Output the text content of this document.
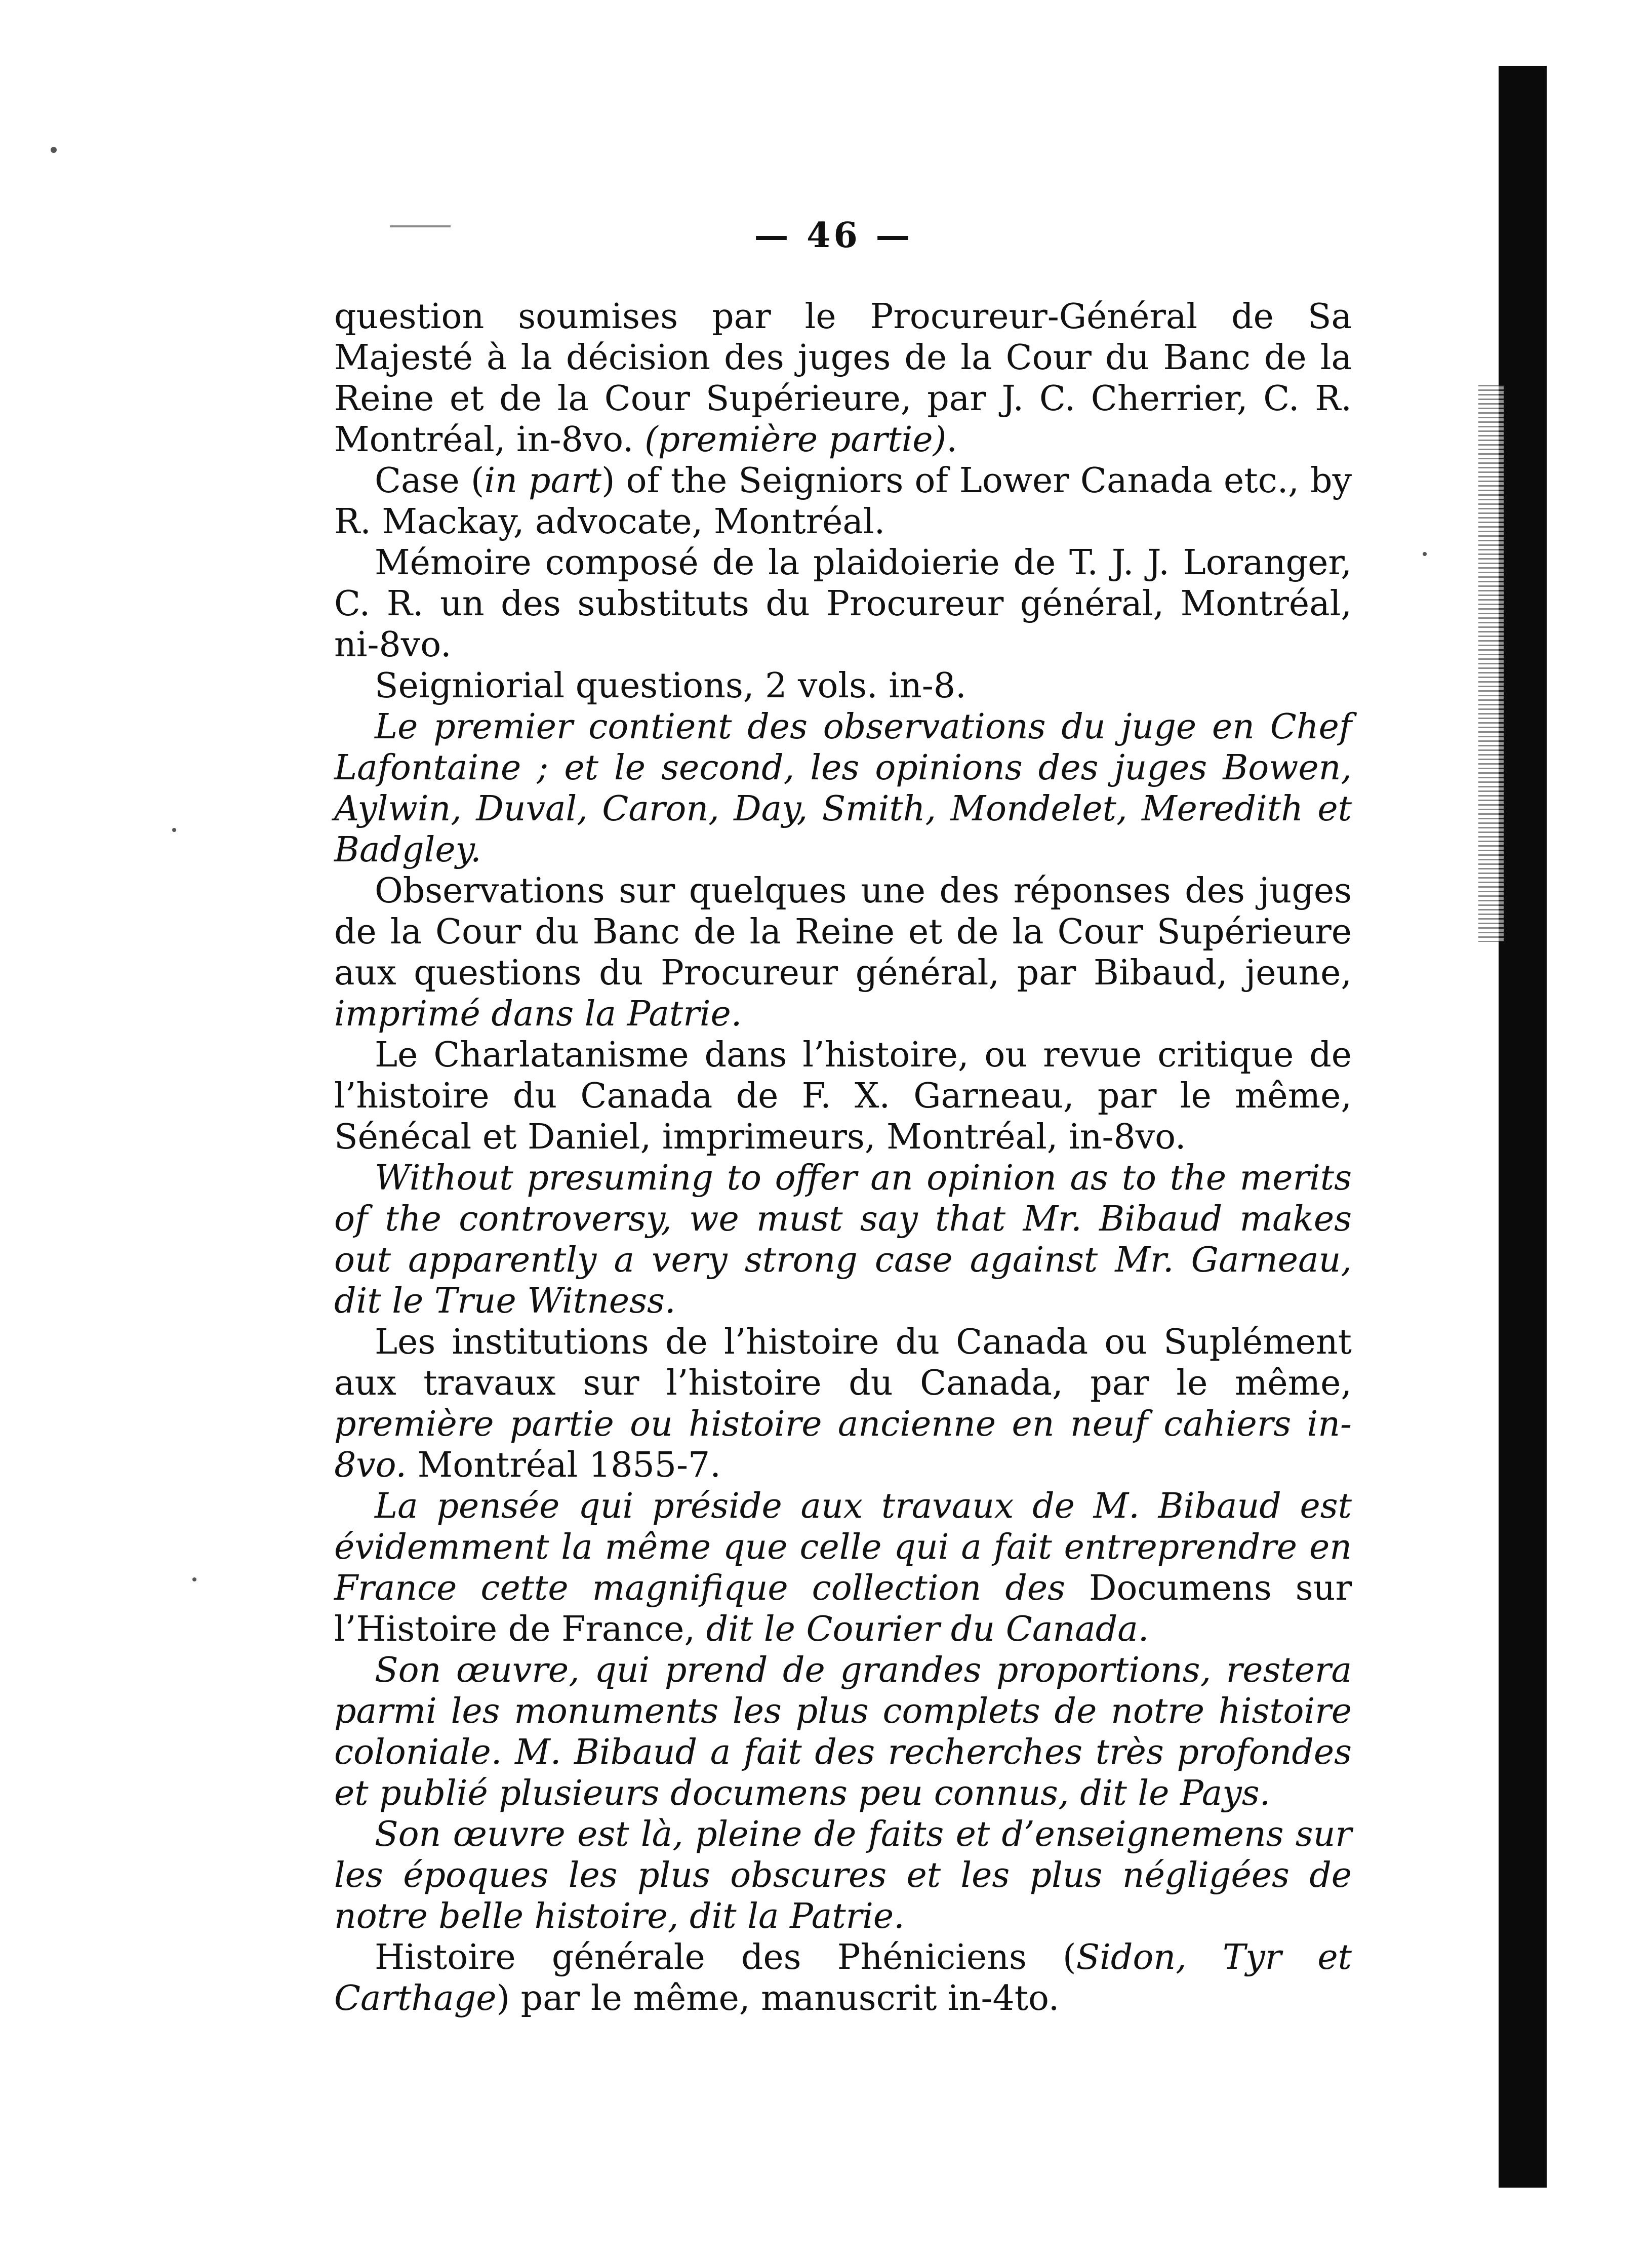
— 46 —

question soumises par le Procureur-Général de Sa Majesté à la décision des juges de la Cour du Banc de la Reine et de la Cour Supérieure, par J. C. Cherrier, C. R. Montréal, in-8vo. (première partie).

Case (in part) of the Seigniors of Lower Canada etc., by R. Mackay, advocate, Montréal.

Mémoire composé de la plaidoierie de T. J. J. Loranger, C. R. un des substituts du Procureur général, Montréal, ni-8vo.

Seigniorial questions, 2 vols. in-8.

Le premier contient des observations du juge en Chef Lafontaine ; et le second, les opinions des juges Bowen, Aylwin, Duval, Caron, Day, Smith, Mondelet, Meredith et Badgley.

Observations sur quelques une des réponses des juges de la Cour du Banc de la Reine et de la Cour Supérieure aux questions du Procureur général, par Bibaud, jeune, imprimé dans la Patrie.

Le Charlatanisme dans l’histoire, ou revue critique de l’histoire du Canada de F. X. Garneau, par le même, Sénécal et Daniel, imprimeurs, Montréal, in-8vo.

Without presuming to offer an opinion as to the merits of the controversy, we must say that Mr. Bibaud makes out apparently a very strong case against Mr. Garneau, dit le True Witness.

Les institutions de l’histoire du Canada ou Suplément aux travaux sur l’histoire du Canada, par le même, première partie ou histoire ancienne en neuf cahiers in-8vo. Montréal 1855-7.

La pensée qui préside aux travaux de M. Bibaud est évidemment la même que celle qui a fait entreprendre en France cette magnifique collection des Documens sur l’Histoire de France, dit le Courier du Canada.

Son œuvre, qui prend de grandes proportions, restera parmi les monuments les plus complets de notre histoire coloniale. M. Bibaud a fait des recherches très profondes et publié plusieurs documens peu connus, dit le Pays.

Son œuvre est là, pleine de faits et d’enseignemens sur les époques les plus obscures et les plus négligées de notre belle histoire, dit la Patrie.

Histoire générale des Phéniciens (Sidon, Tyr et Carthage) par le même, manuscrit in-4to.
